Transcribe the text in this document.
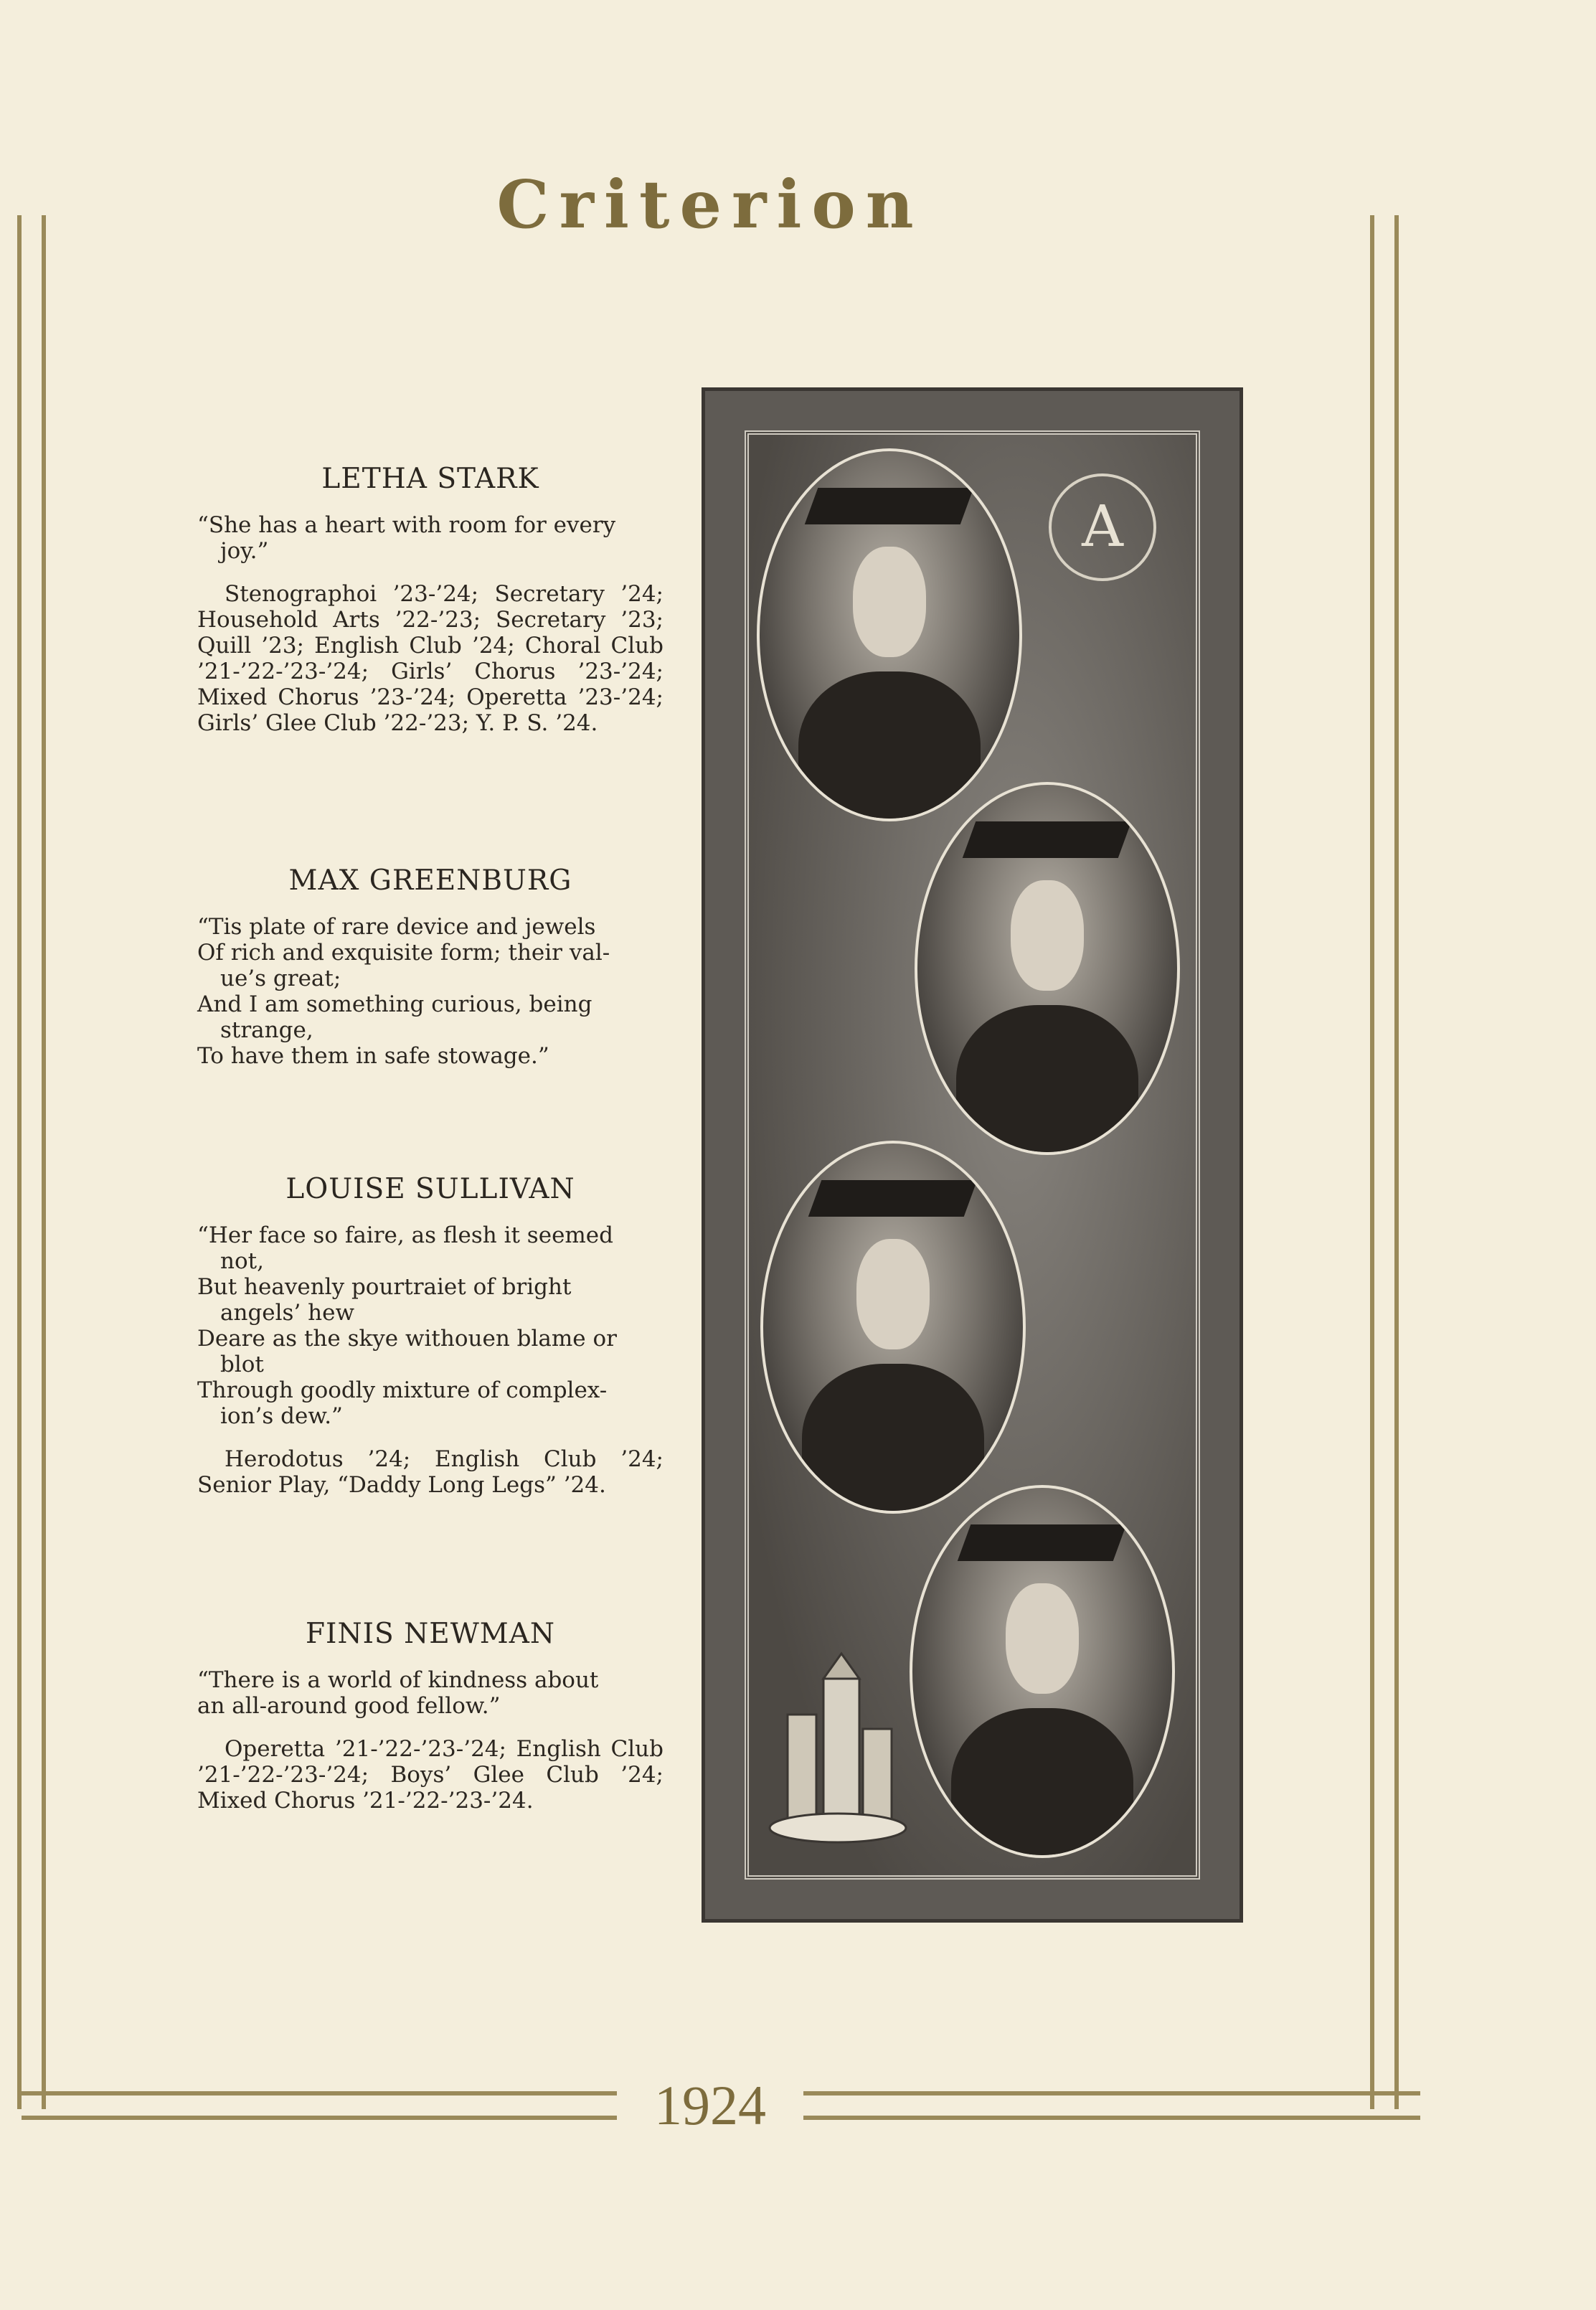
Criterion
1924
LETHA STARK

“She has a heart with room for every

joy.”

Stenographoi ’23-’24; Secretary ’24; Household Arts ’22-’23; Secretary ’23; Quill ’23; English Club ’24; Choral Club ’21-’22-’23-’24; Girls’ Chorus ’23-’24; Mixed Chorus ’23-’24; Operetta ’23-’24; Girls’ Glee Club ’22-’23; Y. P. S. ’24.
MAX GREENBURG

“Tis plate of rare device and jewels

Of rich and exquisite form; their val-

ue’s great;

And I am something curious, being

strange,

To have them in safe stowage.”

LOUISE SULLIVAN

“Her face so faire, as flesh it seemed

not,

But heavenly pourtraiet of bright

angels’ hew

Deare as the skye withouen blame or

blot

Through goodly mixture of complex-

ion’s dew.”

Herodotus ’24; English Club ’24; Senior Play, “Daddy Long Legs” ’24.
FINIS NEWMAN

“There is a world of kindness about

an all-around good fellow.”

Operetta ’21-’22-’23-’24; English Club ’21-’22-’23-’24; Boys’ Glee Club ’24; Mixed Chorus ’21-’22-’23-’24.
A
